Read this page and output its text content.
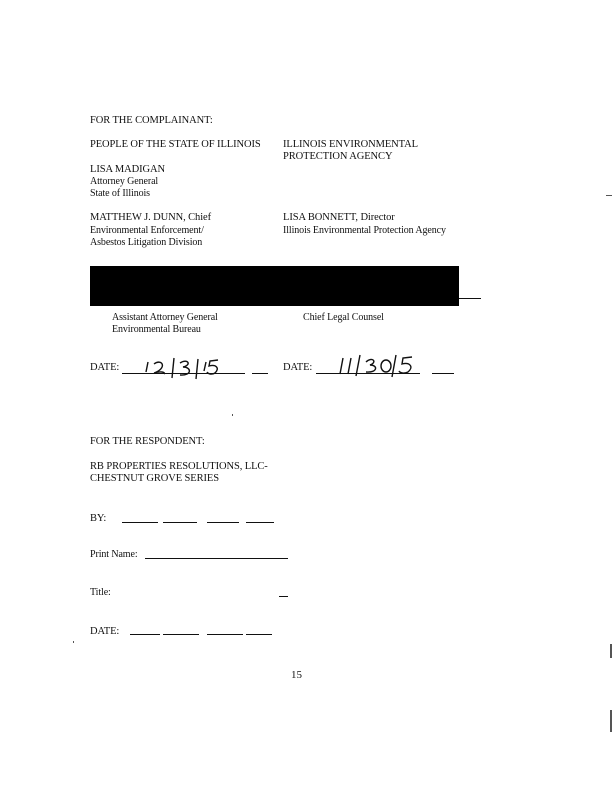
FOR THE COMPLAINANT:
PEOPLE OF THE STATE OF ILLINOIS ILLINOIS ENVIRONMENTAL
PROTECTION AGENCY
LISA MADIGAN
Attorney General
State of Illinois
MATTHEW J. DUNN, Chief
Environmental Enforcement/
Asbestos Litigation Division
LISA BONNETT, Director
Illinois Environmental Protection Agency
Assistant Attorney General
Environmental Bureau
Chief Legal Counsel
DATE:	DATE:
FOR THE RESPONDENT:
RB PROPERTIES RESOLUTIONS, LLC-
CHESTNUT GROVE SERIES
BY:
Print Name:
Title:
DATE:
15
